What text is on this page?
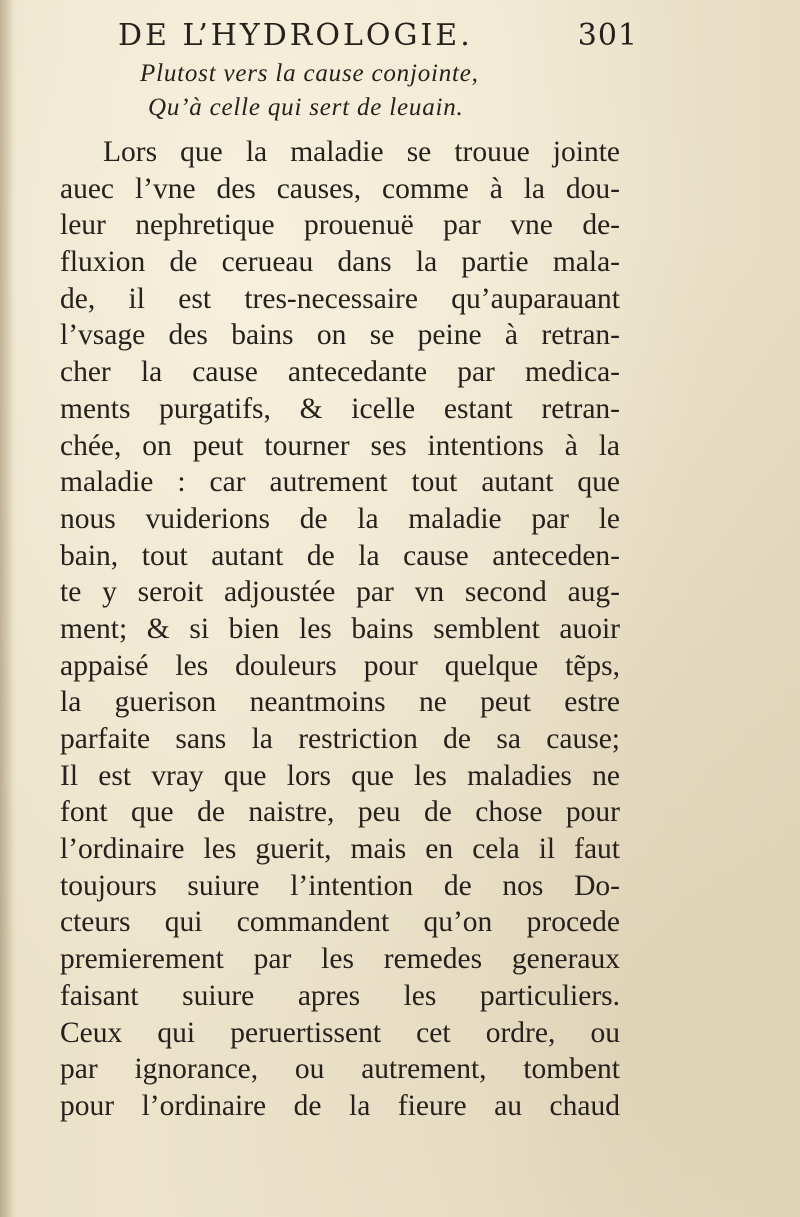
DE L’HYDROLOGIE.	301
Plutost vers la cause conjointe,
Qu’à celle qui sert de leuain.
Lors que la maladie se trouue jointe
auec l’vne des causes, comme à la dou-
leur nephretique prouenuë par vne de-
fluxion de cerueau dans la partie mala-
de, il est tres-necessaire qu’auparauant
l’vsage des bains on se peine à retran-
cher la cause antecedante par medica-
ments purgatifs, & icelle estant retran-
chée, on peut tourner ses intentions à la
maladie : car autrement tout autant que
nous vuiderions de la maladie par le
bain, tout autant de la cause anteceden-
te y seroit adjoustée par vn second aug-
ment; & si bien les bains semblent auoir
appaisé les douleurs pour quelque tẽps,
la guerison neantmoins ne peut estre
parfaite sans la restriction de sa cause;
Il est vray que lors que les maladies ne
font que de naistre, peu de chose pour
l’ordinaire les guerit, mais en cela il faut
toujours suiure l’intention de nos Do-
cteurs qui commandent qu’on procede
premierement par les remedes generaux
faisant suiure apres les particuliers.
Ceux qui peruertissent cet ordre, ou
par ignorance, ou autrement, tombent
pour l’ordinaire de la fieure au chaud
